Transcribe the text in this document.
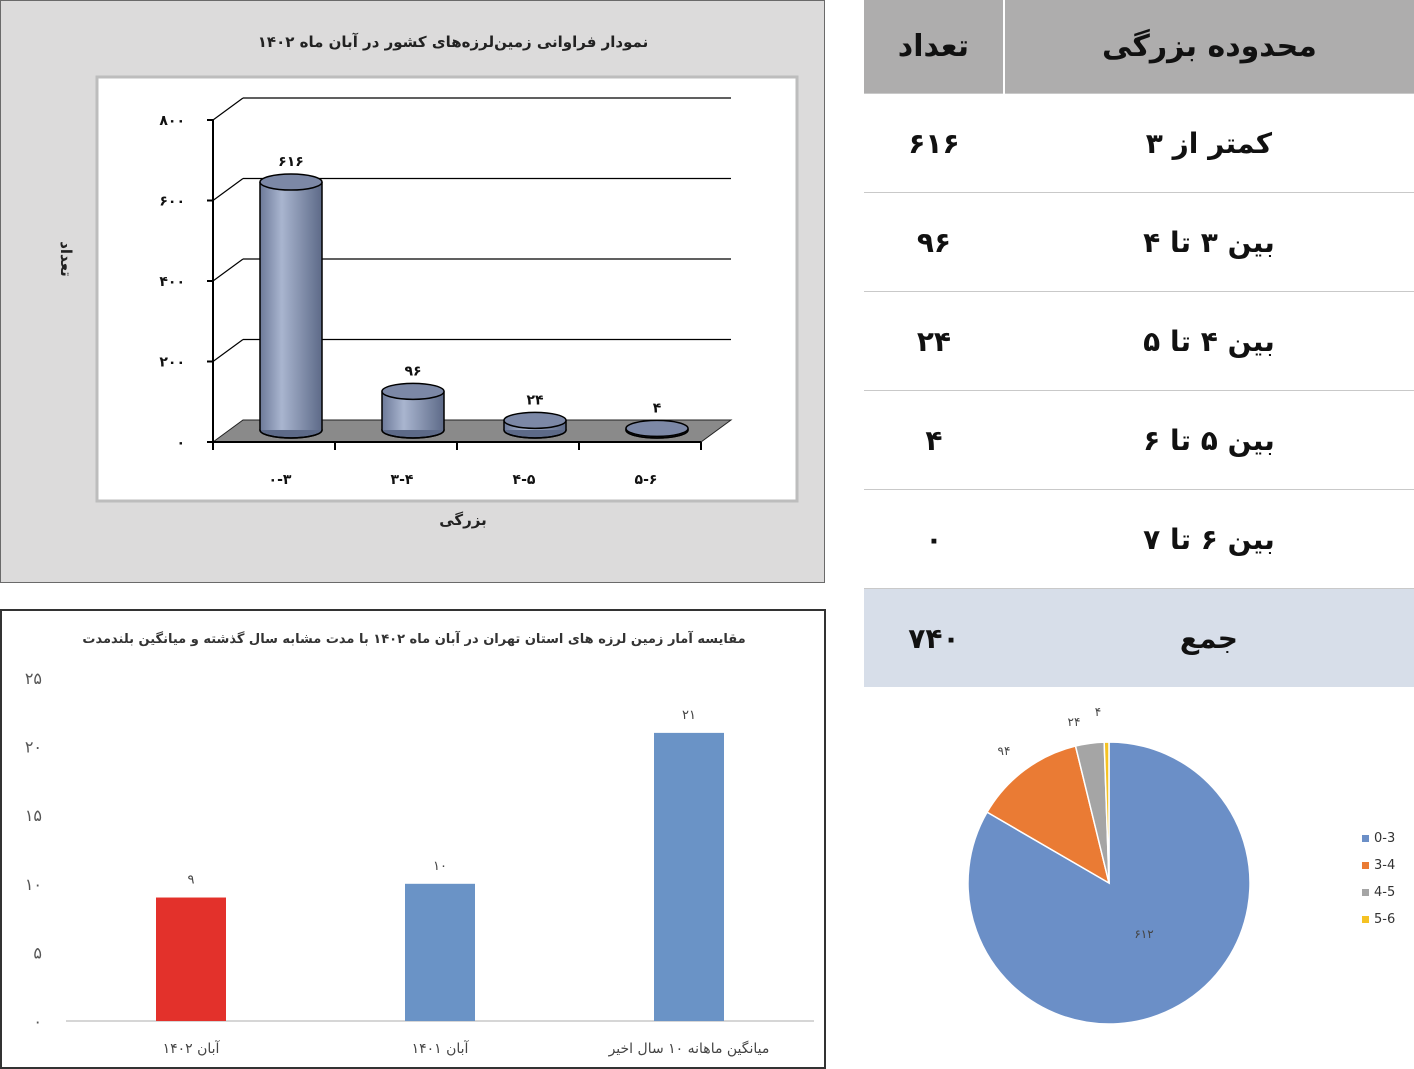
نمودار فراوانی زمین‌لرزه‌های کشور در آبان ماه ۱۴۰۲
تعداد
بزرگی
۰
۲۰۰
۴۰۰
۶۰۰
۸۰۰
۶۱۶
۰-۳
۹۶
۳-۴
۲۴
۴-۵
۴
۵-۶
محدوده بزرگی	تعداد
کمتر از ۳	۶۱۶
بین ۳ تا ۴	۹۶
بین ۴ تا ۵	۲۴
بین ۵ تا ۶	۴
بین ۶ تا ۷	۰
جمع	۷۴۰
مقایسه آمار زمین لرزه های استان تهران در آبان ماه ۱۴۰۲ با مدت مشابه سال گذشته و میانگین بلندمدت
۰
۵
۱۰
۱۵
۲۰
۲۵
۹
آبان ۱۴۰۲
۱۰
آبان ۱۴۰۱
۲۱
میانگین ماهانه ۱۰ سال اخیر
۶۱۲
۹۴
۲۴
۴
0-3
3-4
4-5
5-6
